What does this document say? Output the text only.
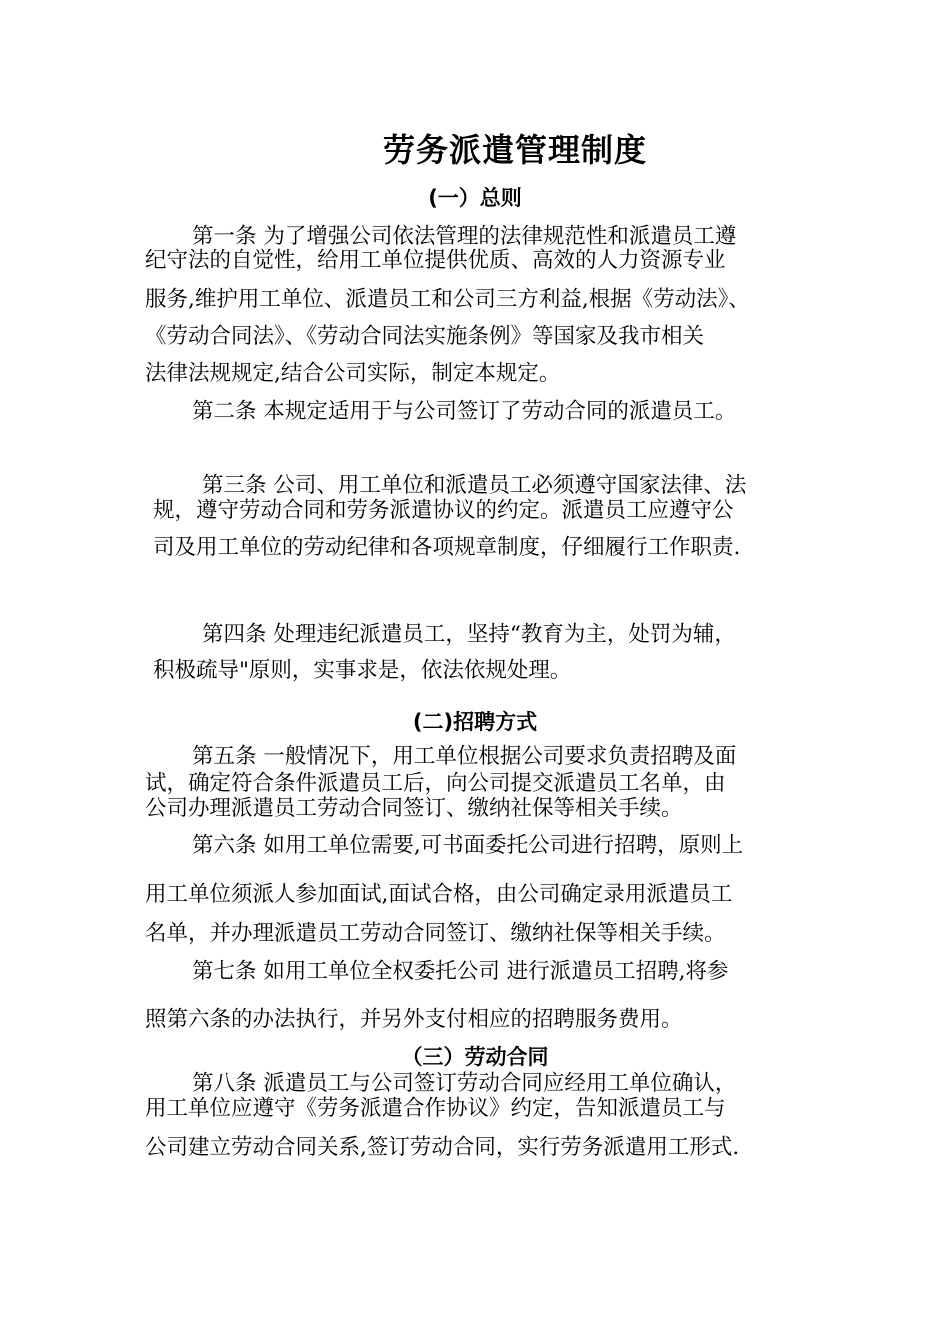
劳务派遣管理制度
(一）总则
第一条 为了增强公司依法管理的法律规范性和派遣员工遵
纪守法的自觉性，给用工单位提供优质、高效的人力资源专业
服务,维护用工单位、派遣员工和公司三方利益,根据《劳动法》、
《劳动合同法》、《劳动合同法实施条例》等国家及我市相关
法律法规规定,结合公司实际，制定本规定。
第二条 本规定适用于与公司签订了劳动合同的派遣员工。
第三条 公司、用工单位和派遣员工必须遵守国家法律、法
规，遵守劳动合同和劳务派遣协议的约定。派遣员工应遵守公
司及用工单位的劳动纪律和各项规章制度，仔细履行工作职责.
第四条 处理违纪派遣员工，坚持“教育为主，处罚为辅，
积极疏导"原则，实事求是，依法依规处理。
(二)招聘方式
第五条 一般情况下，用工单位根据公司要求负责招聘及面
试，确定符合条件派遣员工后，向公司提交派遣员工名单，由
公司办理派遣员工劳动合同签订、缴纳社保等相关手续。
第六条 如用工单位需要,可书面委托公司进行招聘，原则上
用工单位须派人参加面试,面试合格，由公司确定录用派遣员工
名单，并办理派遣员工劳动合同签订、缴纳社保等相关手续。
第七条 如用工单位全权委托公司 进行派遣员工招聘,将参
照第六条的办法执行，并另外支付相应的招聘服务费用。
（三）劳动合同
第八条 派遣员工与公司签订劳动合同应经用工单位确认，
用工单位应遵守《劳务派遣合作协议》约定，告知派遣员工与
公司建立劳动合同关系,签订劳动合同，实行劳务派遣用工形式.
